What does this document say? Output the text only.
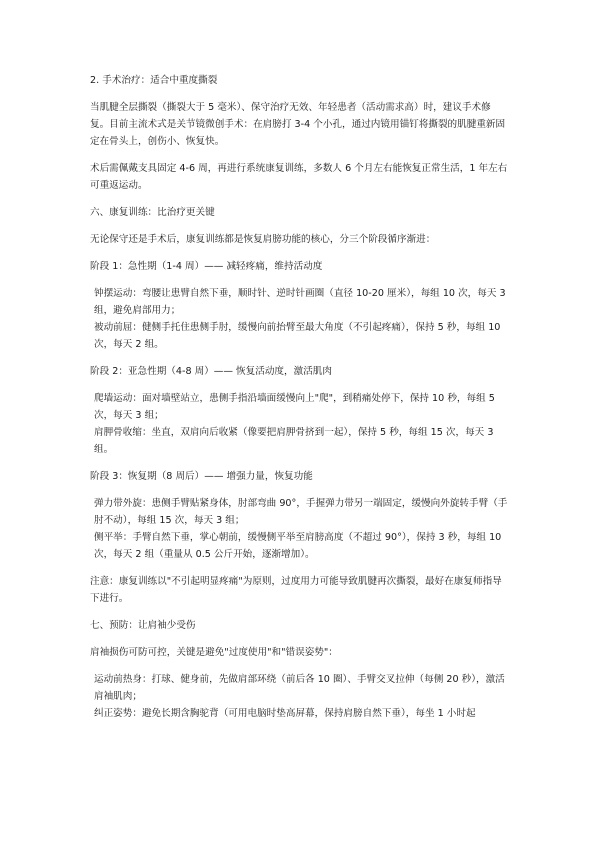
2. 手术治疗：适合中重度撕裂

当肌腱全层撕裂（撕裂大于 5 毫米）、保守治疗无效、年轻患者（活动需求高）时，建议手术修复。目前主流术式是关节镜微创手术：在肩膀打 3-4 个小孔，通过内镜用锚钉将撕裂的肌腱重新固定在骨头上，创伤小、恢复快。

术后需佩戴支具固定 4-6 周，再进行系统康复训练，多数人 6 个月左右能恢复正常生活，1 年左右可重返运动。

六、康复训练：比治疗更关键

无论保守还是手术后，康复训练都是恢复肩膀功能的核心，分三个阶段循序渐进：

阶段 1：急性期（1-4 周）—— 减轻疼痛，维持活动度

钟摆运动：弯腰让患臂自然下垂，顺时针、逆时针画圈（直径 10-20 厘米），每组 10 次，每天 3 组，避免肩部用力；
被动前屈：健侧手托住患侧手肘，缓慢向前抬臂至最大角度（不引起疼痛），保持 5 秒，每组 10 次，每天 2 组。

阶段 2：亚急性期（4-8 周）—— 恢复活动度，激活肌肉

爬墙运动：面对墙壁站立，患侧手指沿墙面缓慢向上"爬"，到稍痛处停下，保持 10 秒，每组 5 次，每天 3 组；
肩胛骨收缩：坐直，双肩向后收紧（像要把肩胛骨挤到一起），保持 5 秒，每组 15 次，每天 3 组。

阶段 3：恢复期（8 周后）—— 增强力量，恢复功能

弹力带外旋：患侧手臂贴紧身体，肘部弯曲 90°，手握弹力带另一端固定，缓慢向外旋转手臂（手肘不动），每组 15 次，每天 3 组；
侧平举：手臂自然下垂，掌心朝前，缓慢侧平举至肩膀高度（不超过 90°），保持 3 秒，每组 10 次，每天 2 组（重量从 0.5 公斤开始，逐渐增加）。

注意：康复训练以"不引起明显疼痛"为原则，过度用力可能导致肌腱再次撕裂，最好在康复师指导下进行。

七、预防：让肩袖少受伤

肩袖损伤可防可控，关键是避免"过度使用"和"错误姿势"：

运动前热身：打球、健身前，先做肩部环绕（前后各 10 圈）、手臂交叉拉伸（每侧 20 秒），激活肩袖肌肉；
纠正姿势：避免长期含胸驼背（可用电脑时垫高屏幕，保持肩膀自然下垂），每坐 1 小时起
